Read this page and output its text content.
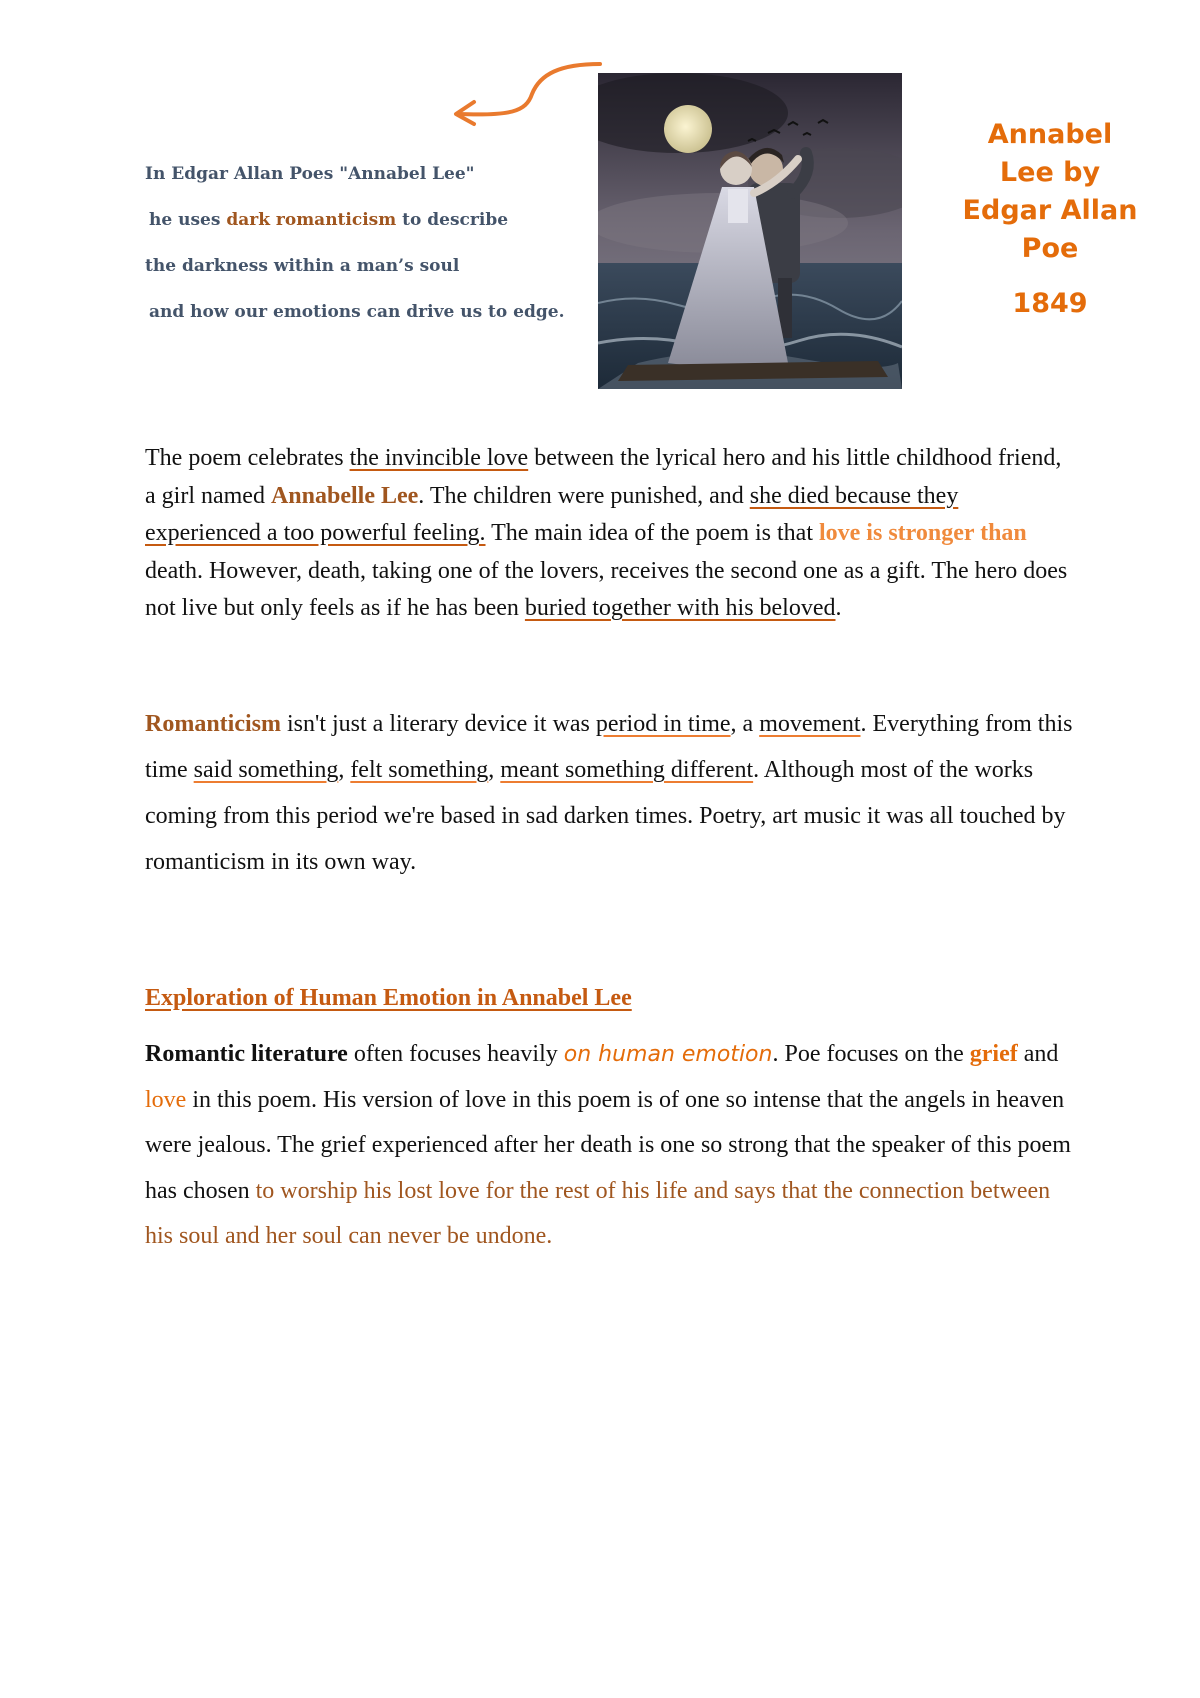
In Edgar Allan Poes "Annabel Lee"

he uses dark romanticism to describe

the darkness within a man’s soul

and how our emotions can drive us to edge.

Annabel
Lee by
Edgar Allan
Poe
1849

The poem celebrates the invincible love between the lyrical hero and his little childhood friend, a girl named Annabelle Lee. The children were punished, and she died because they experienced a too powerful feeling. The main idea of the poem is that love is stronger than death. However, death, taking one of the lovers, receives the second one as a gift. The hero does not live but only feels as if he has been buried together with his beloved.

Romanticism isn't just a literary device it was period in time, a movement. Everything from this time said something, felt something, meant something different. Although most of the works coming from this period we're based in sad darken times. Poetry, art music it was all touched by romanticism in its own way.

Exploration of Human Emotion in Annabel Lee

Romantic literature often focuses heavily on human emotion. Poe focuses on the grief and love in this poem. His version of love in this poem is of one so intense that the angels in heaven were jealous. The grief experienced after her death is one so strong that the speaker of this poem has chosen to worship his lost love for the rest of his life and says that the connection between his soul and her soul can never be undone.
